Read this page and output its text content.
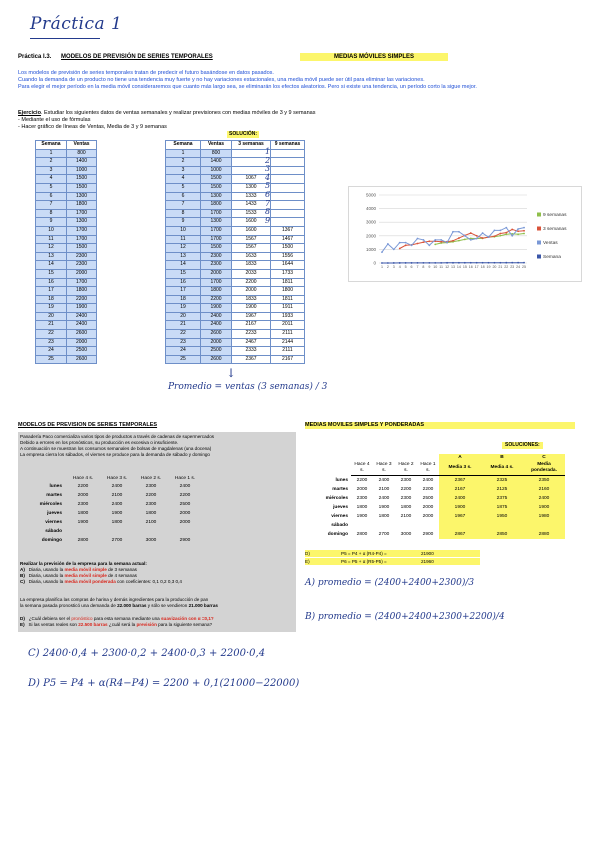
Práctica 1
Práctica I.3. MODELOS DE PREVISIÓN DE SERIES TEMPORALES	MEDIAS MÓVILES SIMPLES
Los modelos de previsión de series temporales tratan de predecir el futuro basándose en datos pasados.
Cuando la demanda de un producto no tiene una tendencia muy fuerte y no hay variaciones estacionales, una media móvil puede ser útil para eliminar las variaciones.
Para elegir el mejor período en la media móvil consideraremos que cuanto más largo sea, se eliminarán los efectos aleatorios. Pero si existe una tendencia, un período corto la sigue mejor.
Ejercicio. Estudiar los siguientes datos de ventas semanales y realizar previsiones con medias móviles de 3 y 9 semanas
- Mediante el uso de fórmulas
- Hacer gráfico de líneas de Ventas, Media de 3 y 9 semanas
SOLUCIÓN:
Semana	Ventas
1	800
2	1400
3	1000
4	1500
5	1500
6	1300
7	1800
8	1700
9	1300
10	1700
11	1700
12	1500
13	2300
14	2300
15	2000
16	1700
17	1800
18	2200
19	1900
20	2400
21	2400
22	2600
23	2000
24	2500
25	2600
Semana	Ventas	3 semanas	9 semanas
1	800		
2	1400		
3	1000		
4	1500	1067	
5	1500	1300	
6	1300	1333	
7	1800	1433	
8	1700	1533	
9	1300	1600	
10	1700	1600	1367
11	1700	1567	1467
12	1500	1567	1500
13	2300	1633	1556
14	2300	1833	1644
15	2000	2033	1733
16	1700	2200	1811
17	1800	2000	1800
18	2200	1833	1811
19	1900	1900	1911
20	2400	1967	1933
21	2400	2167	2011
22	2600	2233	2111
23	2000	2467	2144
24	2500	2333	2111
25	2600	2367	2167
1
2
3
4
5
6
7
8
9
0
1000
2000
3000
4000
5000
1 2 3 4 5 6 7 8 9 10 11 12 13 14 15 16 17 18 19 20 21 22 23 24 25
9 semanas
3 semanas
Ventas
Semana
↓
Promedio = ventas (3 semanas) / 3
MODELOS DE PREVISION DE SERIES TEMPORALES	MEDIAS MOVILES SIMPLES Y PONDERADAS
Panadería Paco comercializa varios tipos de productos a través de cadenas de supermercados
Debido a errores en los pronósticos, su producción es excesiva o insuficiente.
A continuación se muestran los consumos semanales de bolsas de magdalenas (una docena)
La empresa cierra los sábados, el viernes se produce para la demanda de sábado y domingo
	Hace 4 s.	Hace 3 s.	Hace 2 s.	Hace 1 s.
lunes	2200	2400	2300	2400
martes	2000	2100	2200	2200
miércoles	2300	2400	2300	2500
jueves	1800	1900	1800	2000
viernes	1900	1800	2100	2000
sábado				
domingo	2800	2700	3000	2900
Realizar la previsión de la empresa para la semana actual:
A) Diaria, usando la media móvil simple de 3 semanas
B) Diaria, usando la media móvil simple de 4 semanas
C) Diaria, usando la media móvil ponderada con coeficientes: 0,1 0,2 0,3 0,4
La empresa planifica las compras de harina y demás ingredientes para la producción de pan
la semana pasada pronosticó una demanda de 22.000 barras y sólo se vendieron 21.000 barras
D) ¿Cuál debiera ser el pronóstico para esta semana mediante una suavización con α =0,1?
E) Si las ventas reales son 22.500 barras ¿cuál será la previsión para la siguiente semana?
SOLUCIONES:
					A	B	C
	Hace 4 s.	Hace 3 s.	Hace 2 s.	Hace 1 s.	Media 3 s.	Media 4 s.	Media ponderada.
lunes	2200	2400	2300	2400	2367	2325	2350
martes	2000	2100	2200	2200	2167	2125	2160
miércoles	2300	2400	2300	2500	2400	2375	2400
jueves	1800	1900	1800	2000	1900	1875	1900
viernes	1900	1800	2100	2000	1967	1950	1980
sábado							
domingo	2800	2700	3000	2900	2867	2850	2880
D)	P5 = P4 + α (R4-P4) =	21900
E)	P6 = P5 + α (R5-P5) =	21960
A) promedio = (2400+2400+2300)/3
B) promedio = (2400+2400+2300+2200)/4
C) 2400·0,4 + 2300·0,2 + 2400·0,3 + 2200·0,4
D) P5 = P4 + α(R4−P4) = 2200 + 0,1(21000−22000)
